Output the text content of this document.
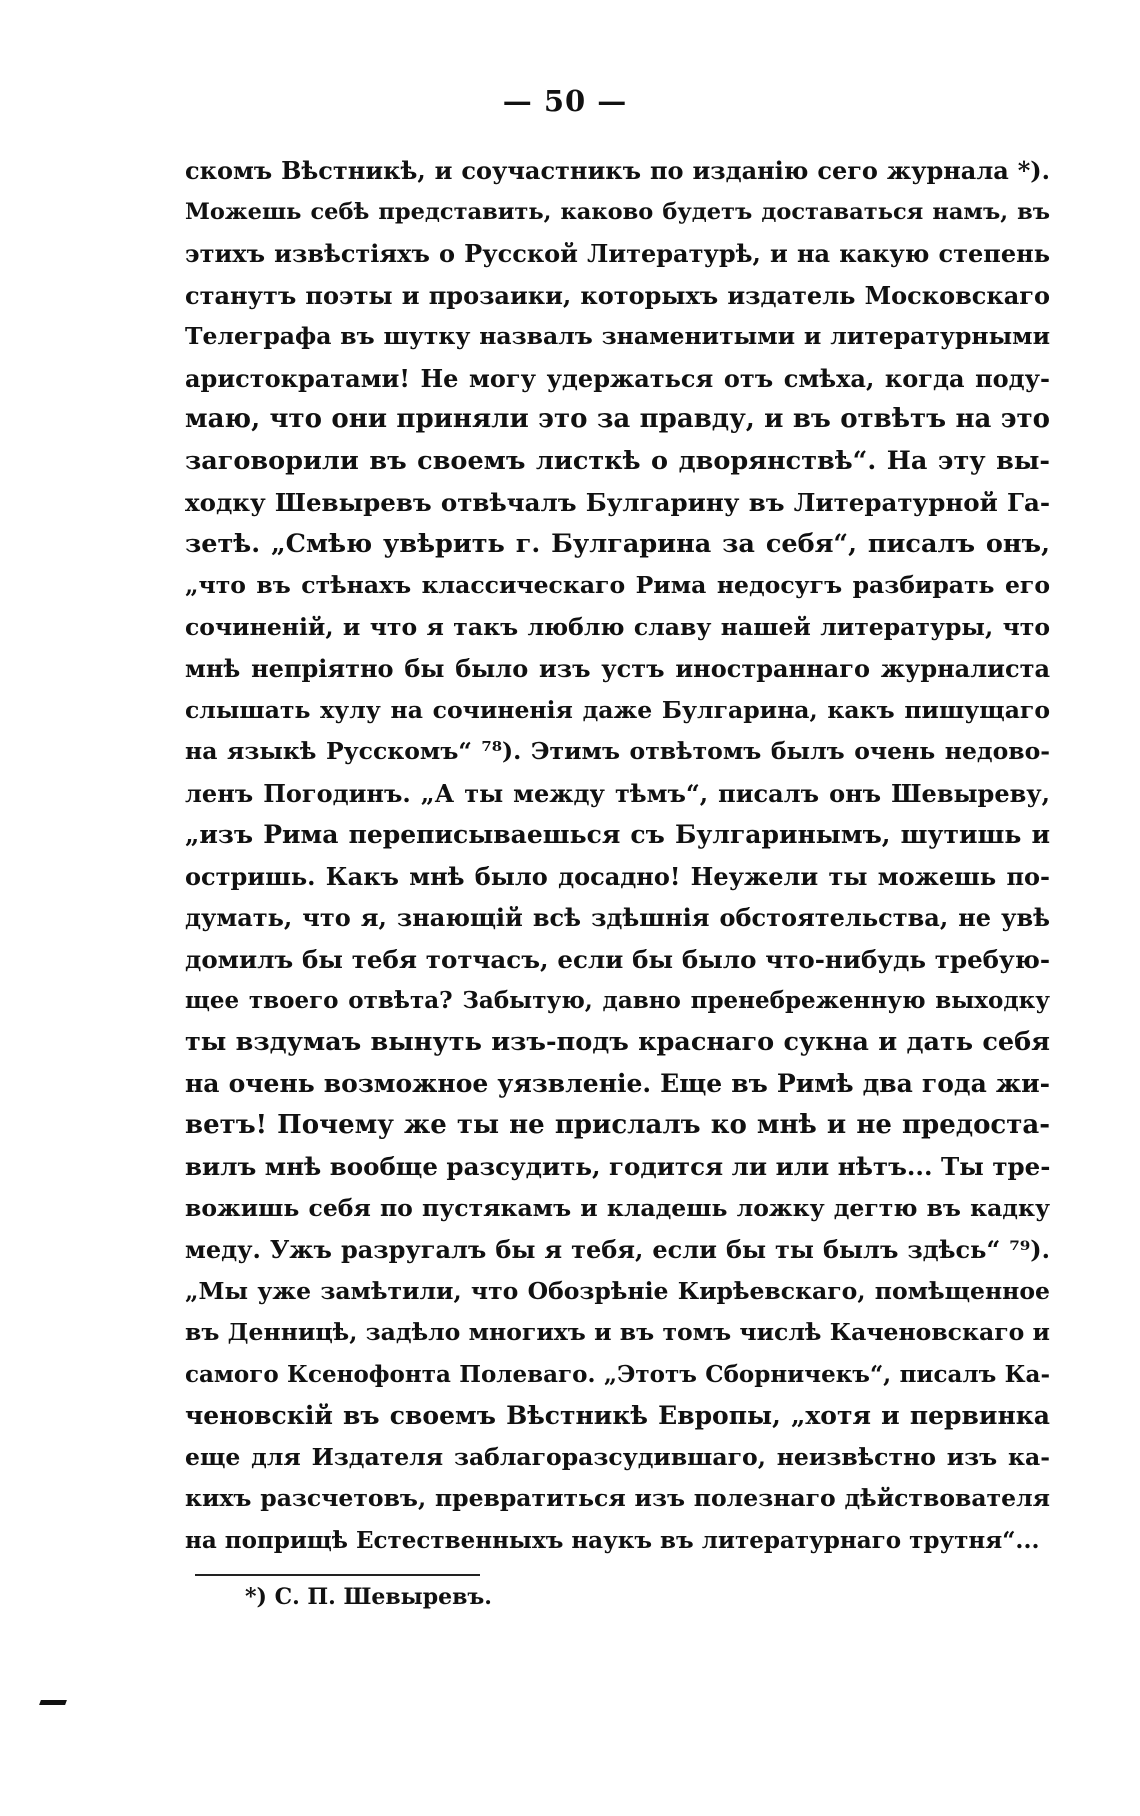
— 50 —
скомъ Вѣстникѣ, и соучастникъ по изданію сего журнала *).
Можешь себѣ представить, каково будетъ доставаться намъ, въ
этихъ извѣстіяхъ о Русской Литературѣ, и на какую степень
станутъ поэты и прозаики, которыхъ издатель Московскаго
Телеграфа въ шутку назвалъ знаменитыми и литературными
аристократами! Не могу удержаться отъ смѣха, когда поду-
маю, что они приняли это за правду, и въ отвѣтъ на это
заговорили въ своемъ листкѣ о дворянствѣ“. На эту вы-
ходку Шевыревъ отвѣчалъ Булгарину въ Литературной Га-
зетѣ. „Смѣю увѣрить г. Булгарина за себя“, писалъ онъ,
„что въ стѣнахъ классическаго Рима недосугъ разбирать его
сочиненій, и что я такъ люблю славу нашей литературы, что
мнѣ непріятно бы было изъ устъ иностраннаго журналиста
слышать хулу на сочиненія даже Булгарина, какъ пишущаго
на языкѣ Русскомъ“ ⁷⁸). Этимъ отвѣтомъ былъ очень недово-
ленъ Погодинъ. „А ты между тѣмъ“, писалъ онъ Шевыреву,
„изъ Рима переписываешься съ Булгаринымъ, шутишь и
остришь. Какъ мнѣ было досадно! Неужели ты можешь по-
думать, что я, знающій всѣ здѣшнія обстоятельства, не увѣ
домилъ бы тебя тотчасъ, если бы было что-нибудь требую-
щее твоего отвѣта? Забытую, давно пренебреженную выходку
ты вздумаъ вынуть изъ-подъ краснаго сукна и дать себя
на очень возможное уязвленіе. Еще въ Римѣ два года жи-
ветъ! Почему же ты не прислалъ ко мнѣ и не предоста-
вилъ мнѣ вообще разсудить, годится ли или нѣтъ... Ты тре-
вожишь себя по пустякамъ и кладешь ложку дегтю въ кадку
меду. Ужъ разругалъ бы я тебя, если бы ты былъ здѣсь“ ⁷⁹).
„Мы уже замѣтили, что Обозрѣніе Кирѣевскаго, помѣщенное
въ Денницѣ, задѣло многихъ и въ томъ числѣ Каченовскаго и
самого Ксенофонта Полеваго. „Этотъ Сборничекъ“, писалъ Ка-
ченовскій въ своемъ Вѣстникѣ Европы, „хотя и первинка
еще для Издателя заблагоразсудившаго, неизвѣстно изъ ка-
кихъ разсчетовъ, превратиться изъ полезнаго дѣйствователя
на поприщѣ Естественныхъ наукъ въ литературнаго трутня“...
*) С. П. Шевыревъ.
